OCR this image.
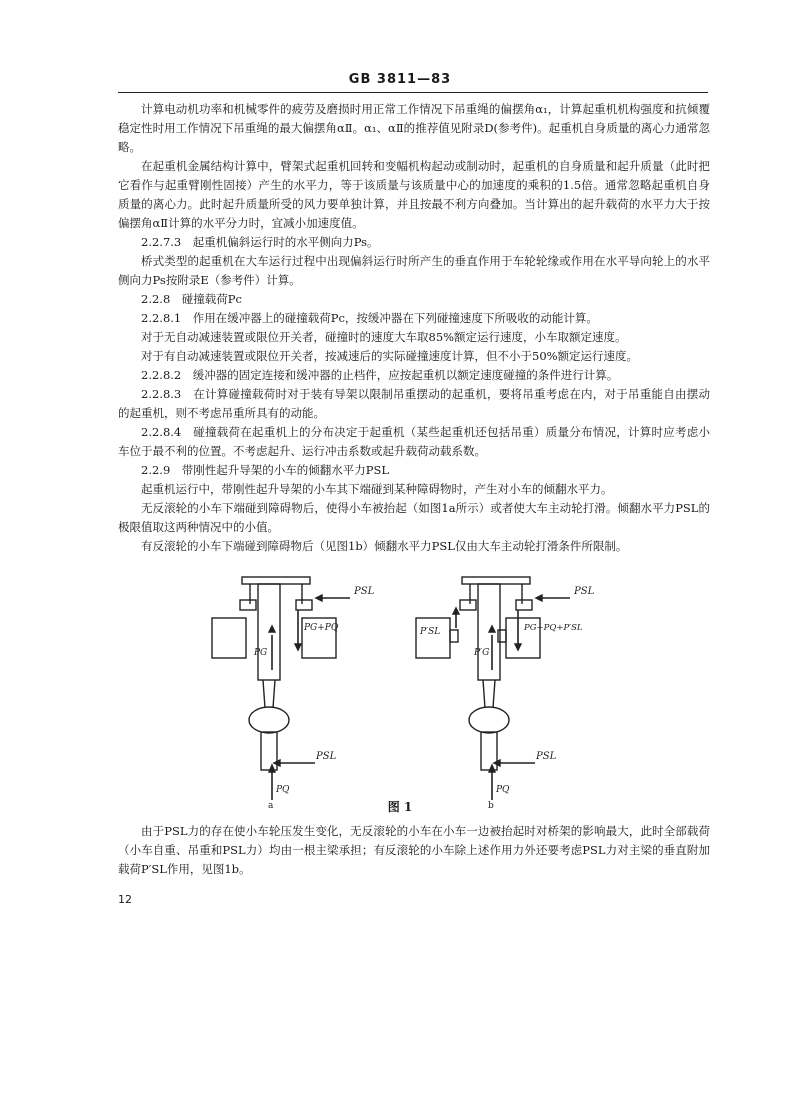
GB 3811—83

计算电动机功率和机械零件的疲劳及磨损时用正常工作情况下吊重绳的偏摆角α₁，计算起重机机构强度和抗倾覆稳定性时用工作情况下吊重绳的最大偏摆角αⅡ。α₁、αⅡ的推荐值见附录D(参考件)。起重机自身质量的离心力通常忽略。

在起重机金属结构计算中，臂架式起重机回转和变幅机构起动或制动时，起重机的自身质量和起升质量（此时把它看作与起重臂刚性固接）产生的水平力，等于该质量与该质量中心的加速度的乘积的1.5倍。通常忽略起重机自身质量的离心力。此时起升质量所受的风力要单独计算，并且按最不利方向叠加。当计算出的起升载荷的水平力大于按偏摆角αⅡ计算的水平分力时，宜减小加速度值。

2.2.7.3　起重机偏斜运行时的水平侧向力Ps。

桥式类型的起重机在大车运行过程中出现偏斜运行时所产生的垂直作用于车轮轮缘或作用在水平导向轮上的水平侧向力Ps按附录E（参考件）计算。

2.2.8　碰撞载荷Pc

2.2.8.1　作用在缓冲器上的碰撞载荷Pc，按缓冲器在下列碰撞速度下所吸收的动能计算。

对于无自动减速装置或限位开关者，碰撞时的速度大车取85%额定运行速度，小车取额定速度。

对于有自动减速装置或限位开关者，按减速后的实际碰撞速度计算，但不小于50%额定运行速度。

2.2.8.2　缓冲器的固定连接和缓冲器的止档件，应按起重机以额定速度碰撞的条件进行计算。

2.2.8.3　在计算碰撞载荷时对于装有导架以限制吊重摆动的起重机，要将吊重考虑在内，对于吊重能自由摆动的起重机，则不考虑吊重所具有的动能。

2.2.8.4　碰撞载荷在起重机上的分布决定于起重机（某些起重机还包括吊重）质量分布情况，计算时应考虑小车位于最不利的位置。不考虑起升、运行冲击系数或起升载荷动载系数。

2.2.9　带刚性起升导架的小车的倾翻水平力PSL

起重机运行中，带刚性起升导架的小车其下端碰到某种障碍物时，产生对小车的倾翻水平力。

无反滚轮的小车下端碰到障碍物后，使得小车被抬起（如图1a所示）或者使大车主动轮打滑。倾翻水平力PSL的极限值取这两种情况中的小值。

有反滚轮的小车下端碰到障碍物后（见图1b）倾翻水平力PSL仅由大车主动轮打滑条件所限制。

PSL
PG+PQ
PG
PSL
PQ
a
PSL
PG+PQ+P′SL
P′SL
P′G
PSL
PQ
b
图 1

由于PSL力的存在使小车轮压发生变化，无反滚轮的小车在小车一边被抬起时对桥架的影响最大，此时全部载荷（小车自重、吊重和PSL力）均由一根主梁承担；有反滚轮的小车除上述作用力外还要考虑PSL力对主梁的垂直附加载荷P′SL作用，见图1b。

12
